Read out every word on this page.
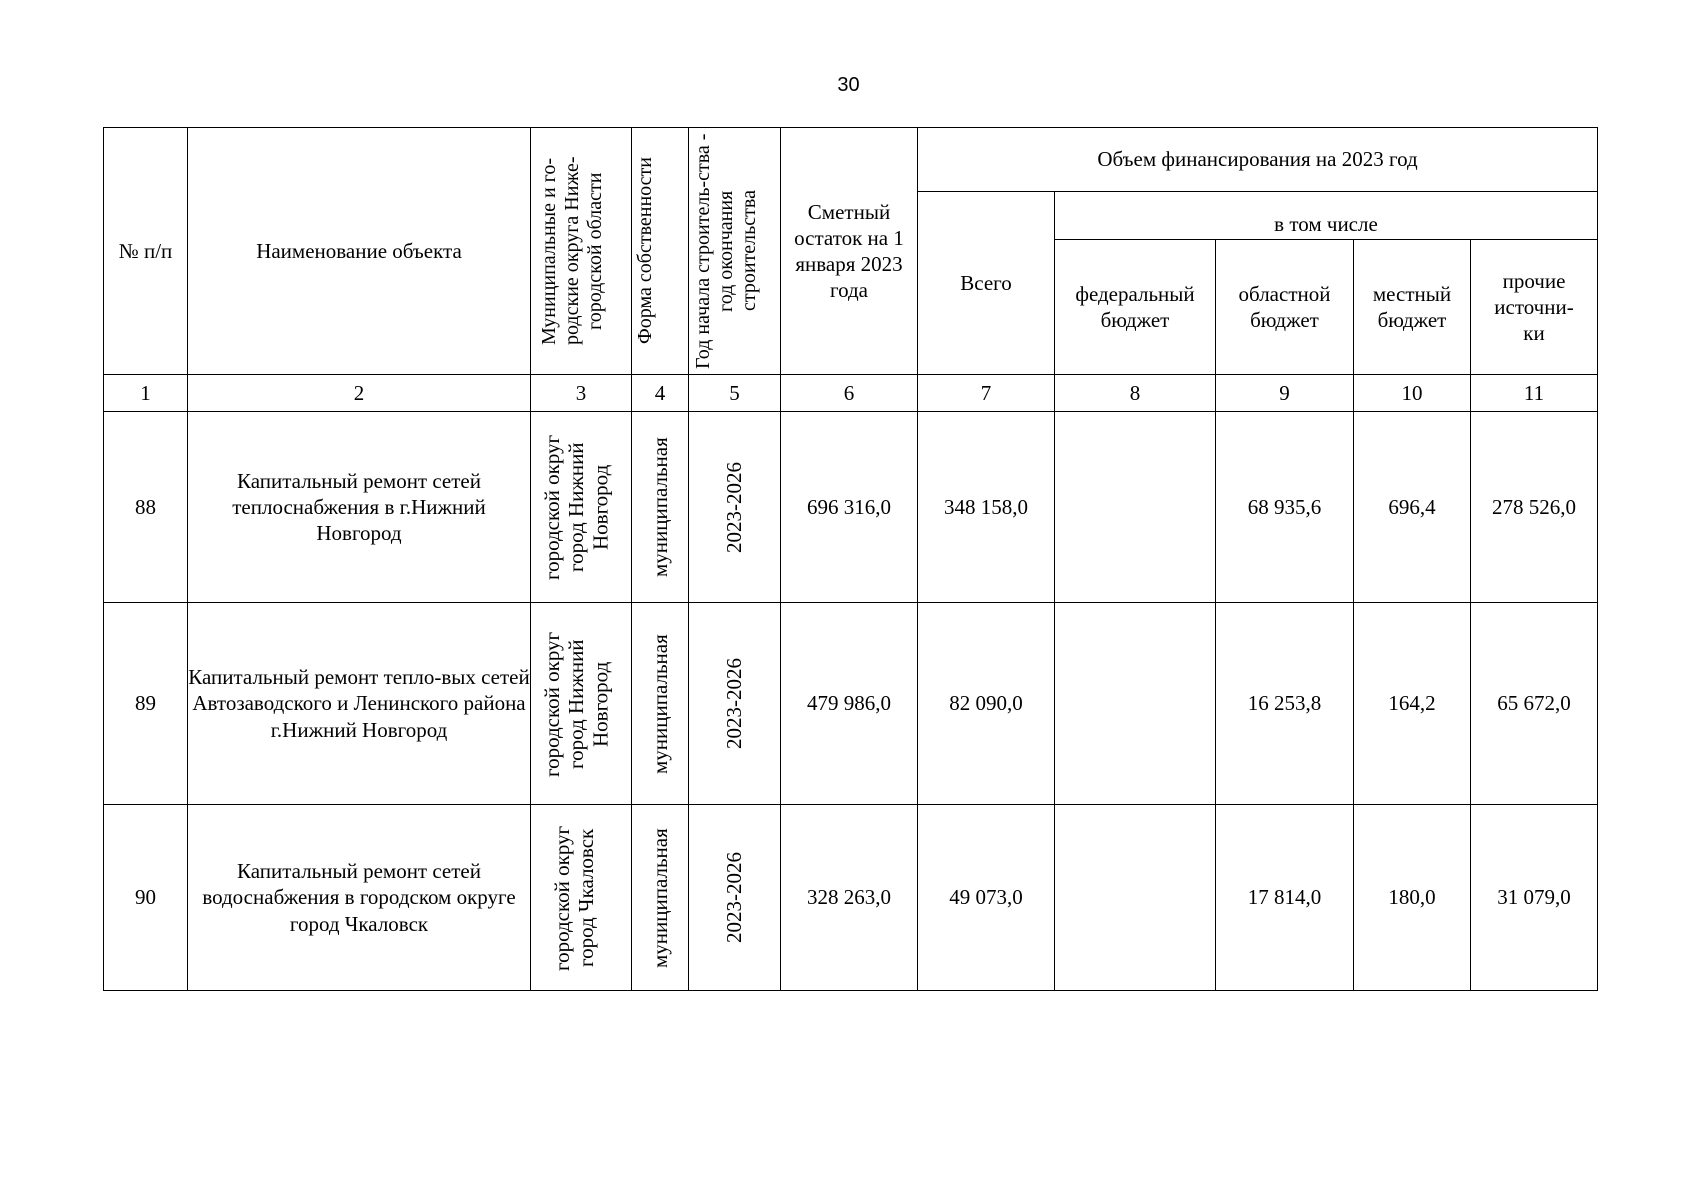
30
№ п/п	Наименование объекта	Муниципальные и го-родские округа Ниже-городской области	Форма собственности	Год начала строитель-ства - год окончания строительства	Сметный остаток на 1 января 2023 года	Объем финансирования на 2023 год				
						Всего	в том числе			
							федеральный бюджет	областной бюджет	местный бюджет	прочие источни-ки
1	2	3	4	5	6	7	8	9	10	11
88	Капитальный ремонт сетей теплоснабжения в г.Нижний Новгород	городской округ город Нижний Новгород	муниципальная	2023-2026	696 316,0	348 158,0		68 935,6	696,4	278 526,0
89	Капитальный ремонт тепло-вых сетей Автозаводского и Ленинского района г.Нижний Новгород	городской округ город Нижний Новгород	муниципальная	2023-2026	479 986,0	82 090,0		16 253,8	164,2	65 672,0
90	Капитальный ремонт сетей водоснабжения в городском округе город Чкаловск	городской округ город Чкаловск	муниципальная	2023-2026	328 263,0	49 073,0		17 814,0	180,0	31 079,0
